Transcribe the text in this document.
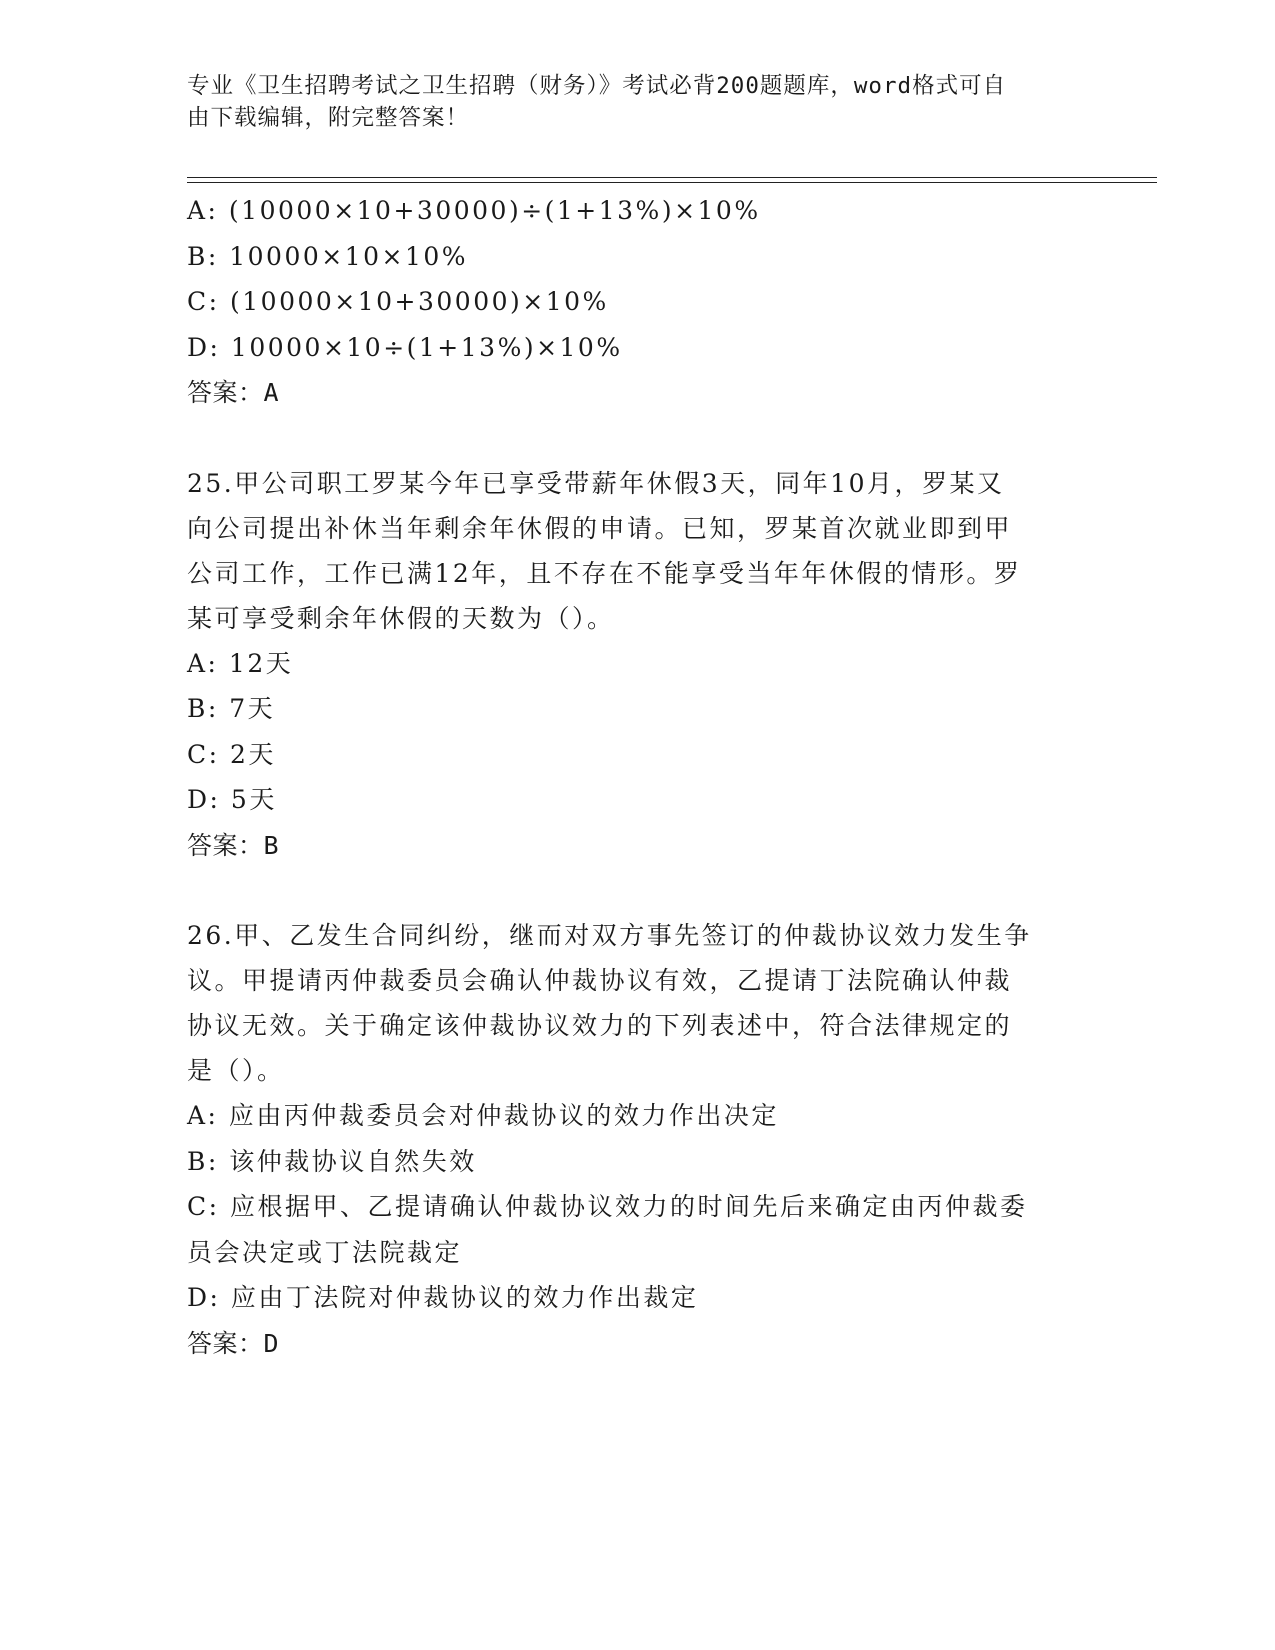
专业《卫生招聘考试之卫生招聘（财务）》考试必背200题题库，word格式可自
由下载编辑，附完整答案！
A: (10000×10+30000)÷(1+13%)×10%
B: 10000×10×10%
C: (10000×10+30000)×10%
D: 10000×10÷(1+13%)×10%
答案：A
25.甲公司职工罗某今年已享受带薪年休假3天，同年10月，罗某又
向公司提出补休当年剩余年休假的申请。已知，罗某首次就业即到甲
公司工作，工作已满12年，且不存在不能享受当年年休假的情形。罗
某可享受剩余年休假的天数为（）。
A: 12天
B: 7天
C: 2天
D: 5天
答案：B
26.甲、乙发生合同纠纷，继而对双方事先签订的仲裁协议效力发生争
议。甲提请丙仲裁委员会确认仲裁协议有效，乙提请丁法院确认仲裁
协议无效。关于确定该仲裁协议效力的下列表述中，符合法律规定的
是（）。
A: 应由丙仲裁委员会对仲裁协议的效力作出决定
B: 该仲裁协议自然失效
C: 应根据甲、乙提请确认仲裁协议效力的时间先后来确定由丙仲裁委
员会决定或丁法院裁定
D: 应由丁法院对仲裁协议的效力作出裁定
答案：D
